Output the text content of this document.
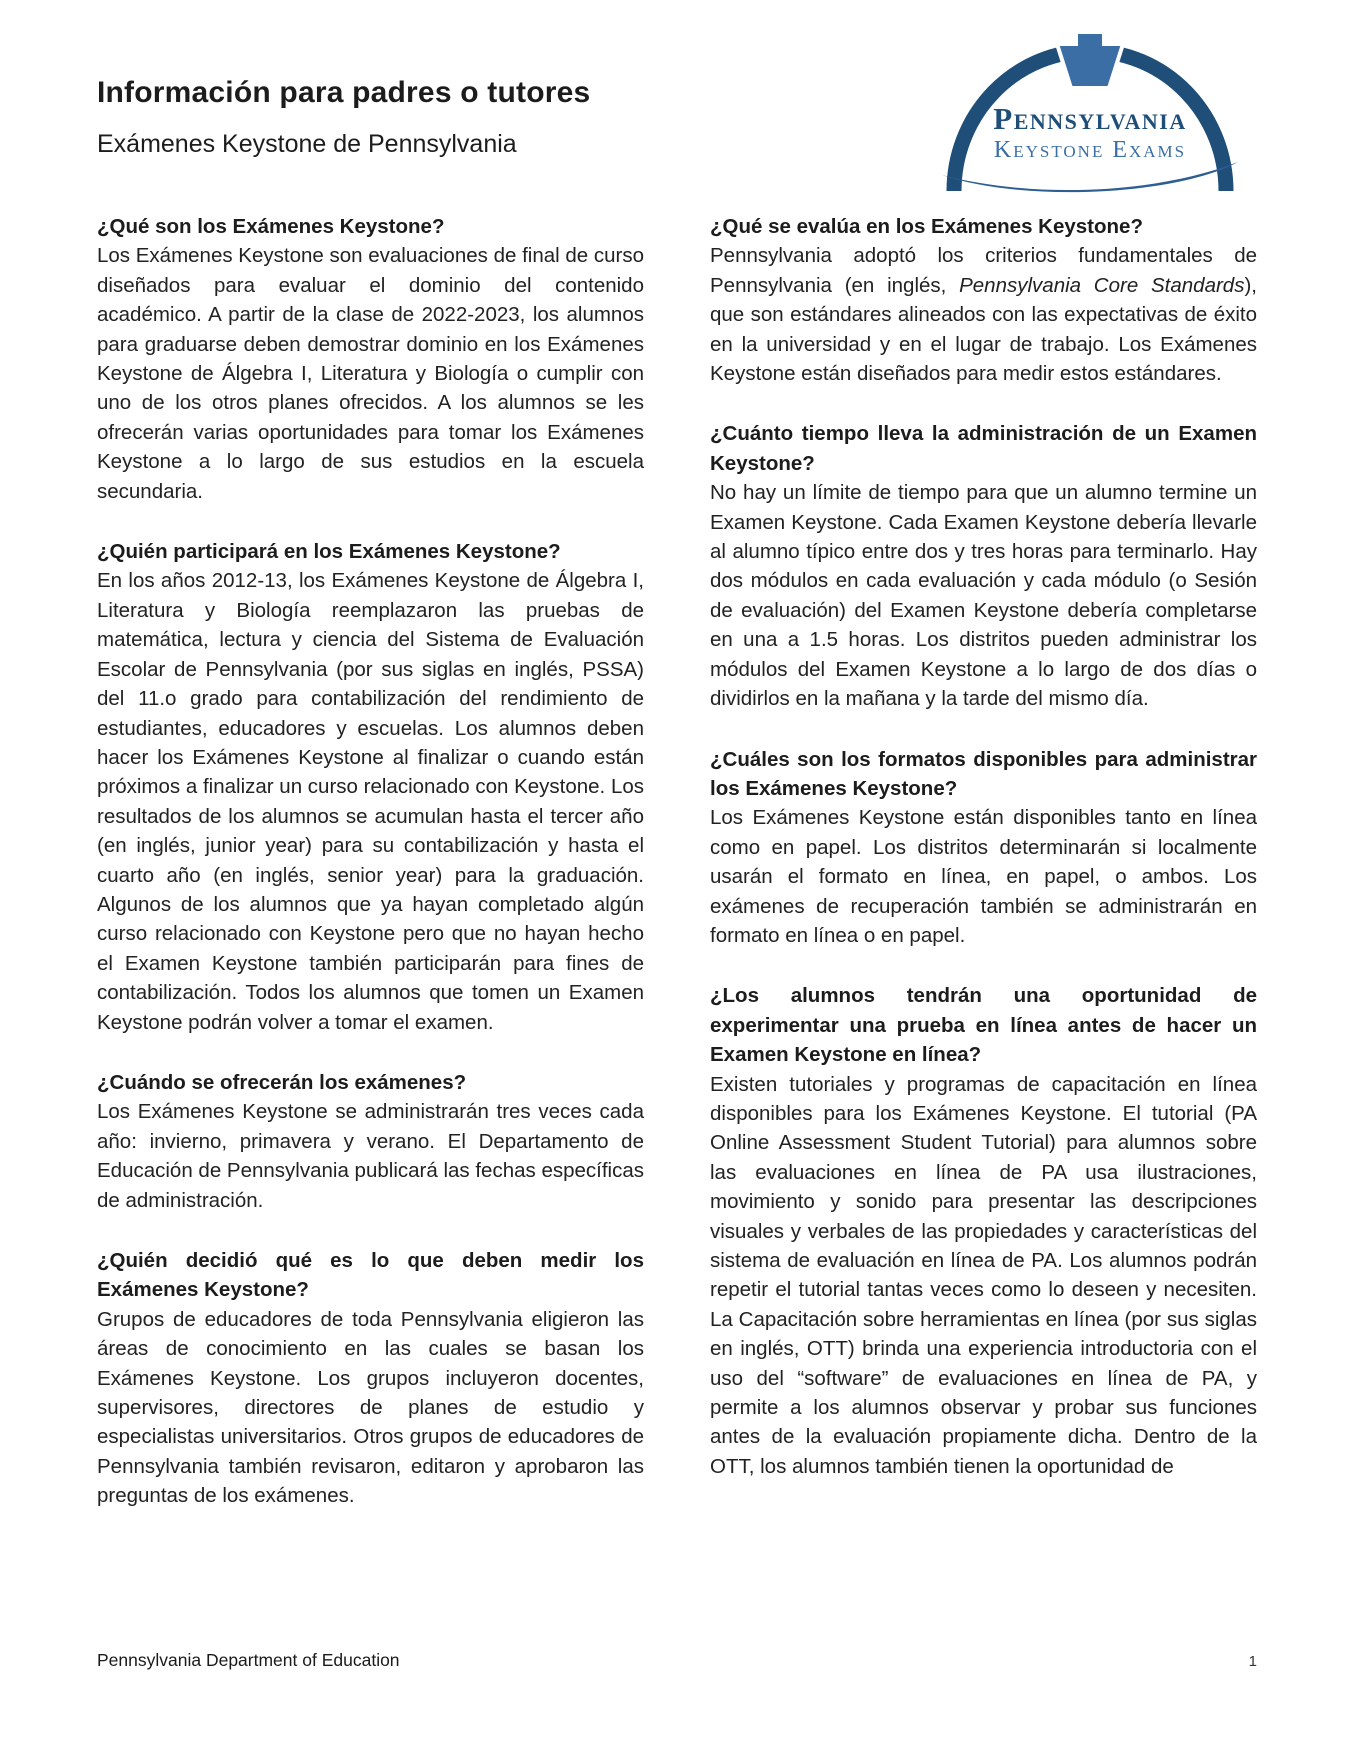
Información para padres o tutores
Exámenes Keystone de Pennsylvania
Pennsylvania
Keystone Exams
¿Qué son los Exámenes Keystone?

Los Exámenes Keystone son evaluaciones de final de curso diseñados para evaluar el dominio del contenido académico. A partir de la clase de 2022-2023, los alumnos para graduarse deben demostrar dominio en los Exámenes Keystone de Álgebra I, Literatura y Biología o cumplir con uno de los otros planes ofrecidos. A los alumnos se les ofrecerán varias oportunidades para tomar los Exámenes Keystone a lo largo de sus estudios en la escuela secundaria.

¿Quién participará en los Exámenes Keystone?

En los años 2012-13, los Exámenes Keystone de Álgebra I, Literatura y Biología reemplazaron las pruebas de matemática, lectura y ciencia del Sistema de Evaluación Escolar de Pennsylvania (por sus siglas en inglés, PSSA) del 11.o grado para contabilización del rendimiento de estudiantes, educadores y escuelas. Los alumnos deben hacer los Exámenes Keystone al finalizar o cuando están próximos a finalizar un curso relacionado con Keystone. Los resultados de los alumnos se acumulan hasta el tercer año (en inglés, junior year) para su contabilización y hasta el cuarto año (en inglés, senior year) para la graduación. Algunos de los alumnos que ya hayan completado algún curso relacionado con Keystone pero que no hayan hecho el Examen Keystone también participarán para fines de contabilización. Todos los alumnos que tomen un Examen Keystone podrán volver a tomar el examen.

¿Cuándo se ofrecerán los exámenes?

Los Exámenes Keystone se administrarán tres veces cada año: invierno, primavera y verano. El Departamento de Educación de Pennsylvania publicará las fechas específicas de administración.

¿Quién decidió qué es lo que deben medir los Exámenes Keystone?

Grupos de educadores de toda Pennsylvania eligieron las áreas de conocimiento en las cuales se basan los Exámenes Keystone. Los grupos incluyeron docentes, supervisores, directores de planes de estudio y especialistas universitarios. Otros grupos de educadores de Pennsylvania también revisaron, editaron y aprobaron las preguntas de los exámenes.

¿Qué se evalúa en los Exámenes Keystone?

Pennsylvania adoptó los criterios fundamentales de Pennsylvania (en inglés, Pennsylvania Core Standards), que son estándares alineados con las expectativas de éxito en la universidad y en el lugar de trabajo. Los Exámenes Keystone están diseñados para medir estos estándares.

¿Cuánto tiempo lleva la administración de un Examen Keystone?

No hay un límite de tiempo para que un alumno termine un Examen Keystone. Cada Examen Keystone debería llevarle al alumno típico entre dos y tres horas para terminarlo. Hay dos módulos en cada evaluación y cada módulo (o Sesión de evaluación) del Examen Keystone debería completarse en una a 1.5 horas. Los distritos pueden administrar los módulos del Examen Keystone a lo largo de dos días o dividirlos en la mañana y la tarde del mismo día.

¿Cuáles son los formatos disponibles para administrar los Exámenes Keystone?

Los Exámenes Keystone están disponibles tanto en línea como en papel. Los distritos determinarán si localmente usarán el formato en línea, en papel, o ambos. Los exámenes de recuperación también se administrarán en formato en línea o en papel.

¿Los alumnos tendrán una oportunidad de experimentar una prueba en línea antes de hacer un Examen Keystone en línea?

Existen tutoriales y programas de capacitación en línea disponibles para los Exámenes Keystone. El tutorial (PA Online Assessment Student Tutorial) para alumnos sobre las evaluaciones en línea de PA usa ilustraciones, movimiento y sonido para presentar las descripciones visuales y verbales de las propiedades y características del sistema de evaluación en línea de PA. Los alumnos podrán repetir el tutorial tantas veces como lo deseen y necesiten. La Capacitación sobre herramientas en línea (por sus siglas en inglés, OTT) brinda una experiencia introductoria con el uso del “software” de evaluaciones en línea de PA, y permite a los alumnos observar y probar sus funciones antes de la evaluación propiamente dicha. Dentro de la OTT, los alumnos también tienen la oportunidad de

Pennsylvania Department of Education	1
